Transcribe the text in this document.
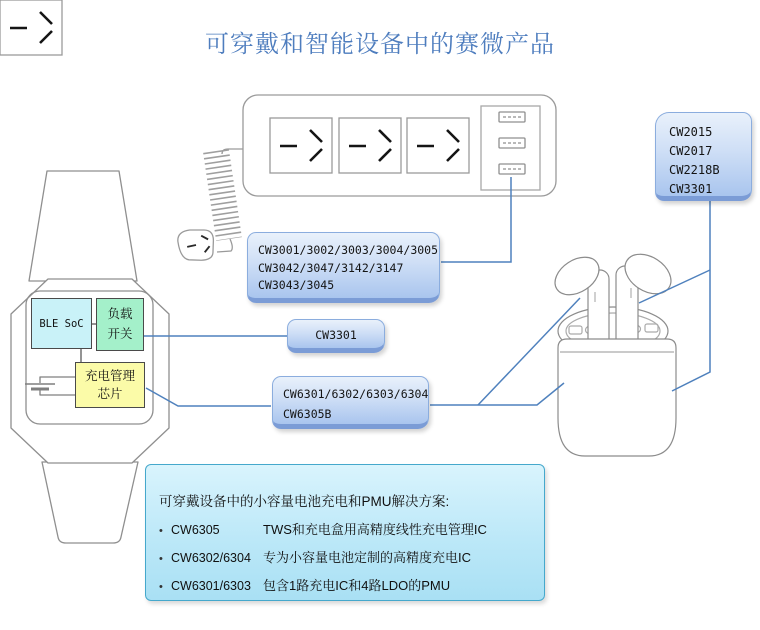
可穿戴和智能设备中的赛微产品
BLE SoC
负载开关
充电管理芯片
CW2015
CW2017
CW2218B
CW3301
CW3001/3002/3003/3004/3005
CW3042/3047/3142/3147
CW3043/3045
CW3301
CW6301/6302/6303/6304
CW6305B
可穿戴设备中的小容量电池充电和PMU解决方案:
• CW6305	TWS和充电盒用高精度线性充电管理IC
• CW6302/6304 专为小容量电池定制的高精度充电IC
• CW6301/6303 包含1路充电IC和4路LDO的PMU
